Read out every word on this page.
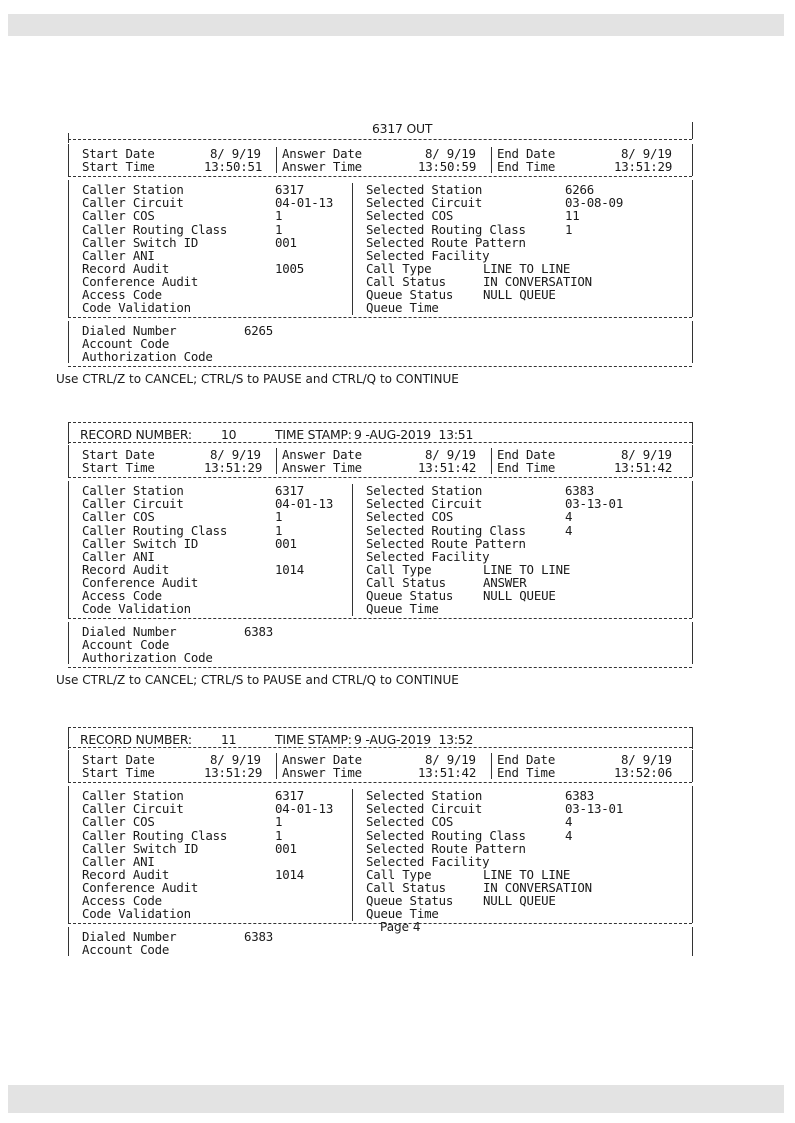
6317 OUT
Start Date	8/ 9/19 Answer Date	8/ 9/19 End Date	8/ 9/19
Start Time	13:50:51 Answer Time	13:50:59 End Time	13:51:29
Caller Station	6317	Selected Station	6266
Caller Circuit	04-01-13	Selected Circuit	03-08-09
Caller COS	1	Selected COS	11
Caller Routing Class	1	Selected Routing Class	1
Caller Switch ID	001	Selected Route Pattern
Caller ANI	Selected Facility
Record Audit	1005	Call Type	LINE TO LINE
Conference Audit	Call Status	IN CONVERSATION
Access Code	Queue Status NULL QUEUE
Code Validation	Queue Time
Dialed Number	6265
Account Code
Authorization Code
Use CTRL/Z to CANCEL; CTRL/S to PAUSE and CTRL/Q to CONTINUE
RECORD NUMBER: 10	TIME STAMP: 9 -AUG-2019  13:51
Start Date	8/ 9/19 Answer Date	8/ 9/19 End Date	8/ 9/19
Start Time	13:51:29 Answer Time	13:51:42 End Time	13:51:42
Caller Station	6317	Selected Station	6383
Caller Circuit	04-01-13	Selected Circuit	03-13-01
Caller COS	1	Selected COS	4
Caller Routing Class	1	Selected Routing Class	4
Caller Switch ID	001	Selected Route Pattern
Caller ANI	Selected Facility
Record Audit	1014	Call Type	LINE TO LINE
Conference Audit	Call Status	ANSWER
Access Code	Queue Status NULL QUEUE
Code Validation	Queue Time
Dialed Number	6383
Account Code
Authorization Code
Use CTRL/Z to CANCEL; CTRL/S to PAUSE and CTRL/Q to CONTINUE
RECORD NUMBER: 11	TIME STAMP: 9 -AUG-2019  13:52
Start Date	8/ 9/19 Answer Date	8/ 9/19 End Date	8/ 9/19
Start Time	13:51:29 Answer Time	13:51:42 End Time	13:52:06
Caller Station	6317	Selected Station	6383
Caller Circuit	04-01-13	Selected Circuit	03-13-01
Caller COS	1	Selected COS	4
Caller Routing Class	1	Selected Routing Class	4
Caller Switch ID	001	Selected Route Pattern
Caller ANI	Selected Facility
Record Audit	1014	Call Type	LINE TO LINE
Conference Audit	Call Status	IN CONVERSATION
Access Code	Queue Status NULL QUEUE
Code Validation	Queue Time
Dialed Number	6383
Account Code
Page 4
